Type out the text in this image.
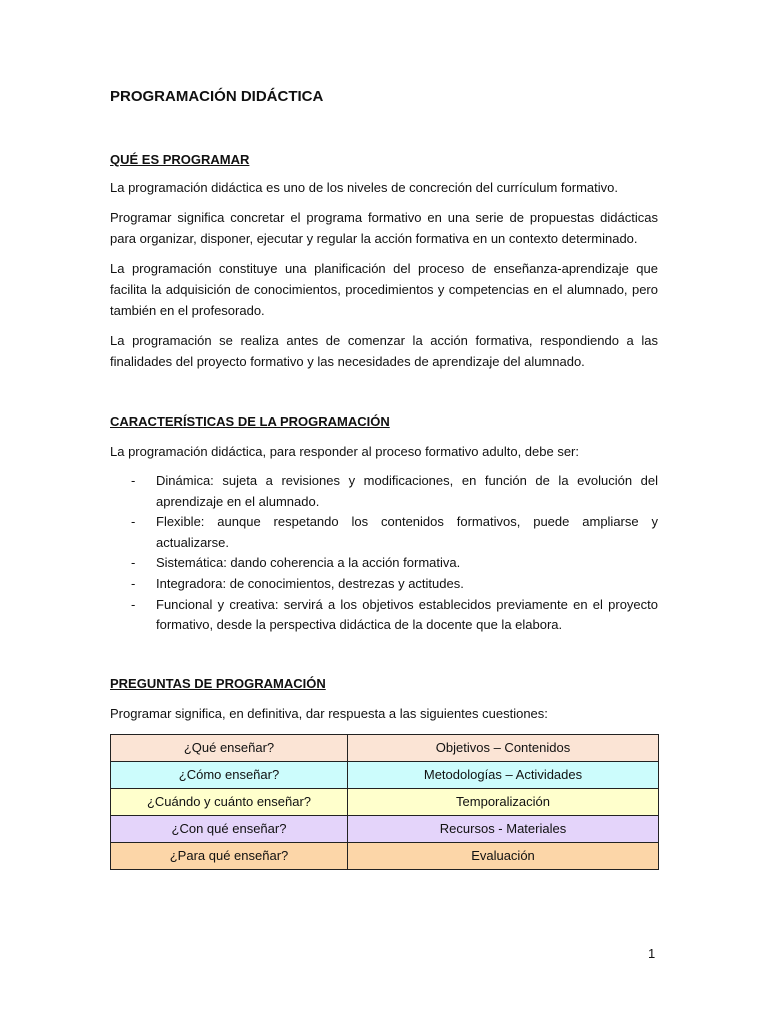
PROGRAMACIÓN DIDÁCTICA
QUÉ ES PROGRAMAR

La programación didáctica es uno de los niveles de concreción del currículum formativo.

Programar significa concretar el programa formativo en una serie de propuestas didácticas para organizar, disponer, ejecutar y regular la acción formativa en un contexto determinado.

La programación constituye una planificación del proceso de enseñanza-aprendizaje que facilita la adquisición de conocimientos, procedimientos y competencias en el alumnado, pero también en el profesorado.

La programación se realiza antes de comenzar la acción formativa, respondiendo a las finalidades del proyecto formativo y las necesidades de aprendizaje del alumnado.

CARACTERÍSTICAS DE LA PROGRAMACIÓN

La programación didáctica, para responder al proceso formativo adulto, debe ser:

- Dinámica: sujeta a revisiones y modificaciones, en función de la evolución del aprendizaje en el alumnado.
- Flexible: aunque respetando los contenidos formativos, puede ampliarse y actualizarse.
- Sistemática: dando coherencia a la acción formativa.
- Integradora: de conocimientos, destrezas y actitudes.
- Funcional y creativa: servirá a los objetivos establecidos previamente en el proyecto formativo, desde la perspectiva didáctica de la docente que la elabora.
PREGUNTAS DE PROGRAMACIÓN

Programar significa, en definitiva, dar respuesta a las siguientes cuestiones:

¿Qué enseñar?	Objetivos – Contenidos
¿Cómo enseñar?	Metodologías – Actividades
¿Cuándo y cuánto enseñar?	Temporalización
¿Con qué enseñar?	Recursos - Materiales
¿Para qué enseñar?	Evaluación
1
